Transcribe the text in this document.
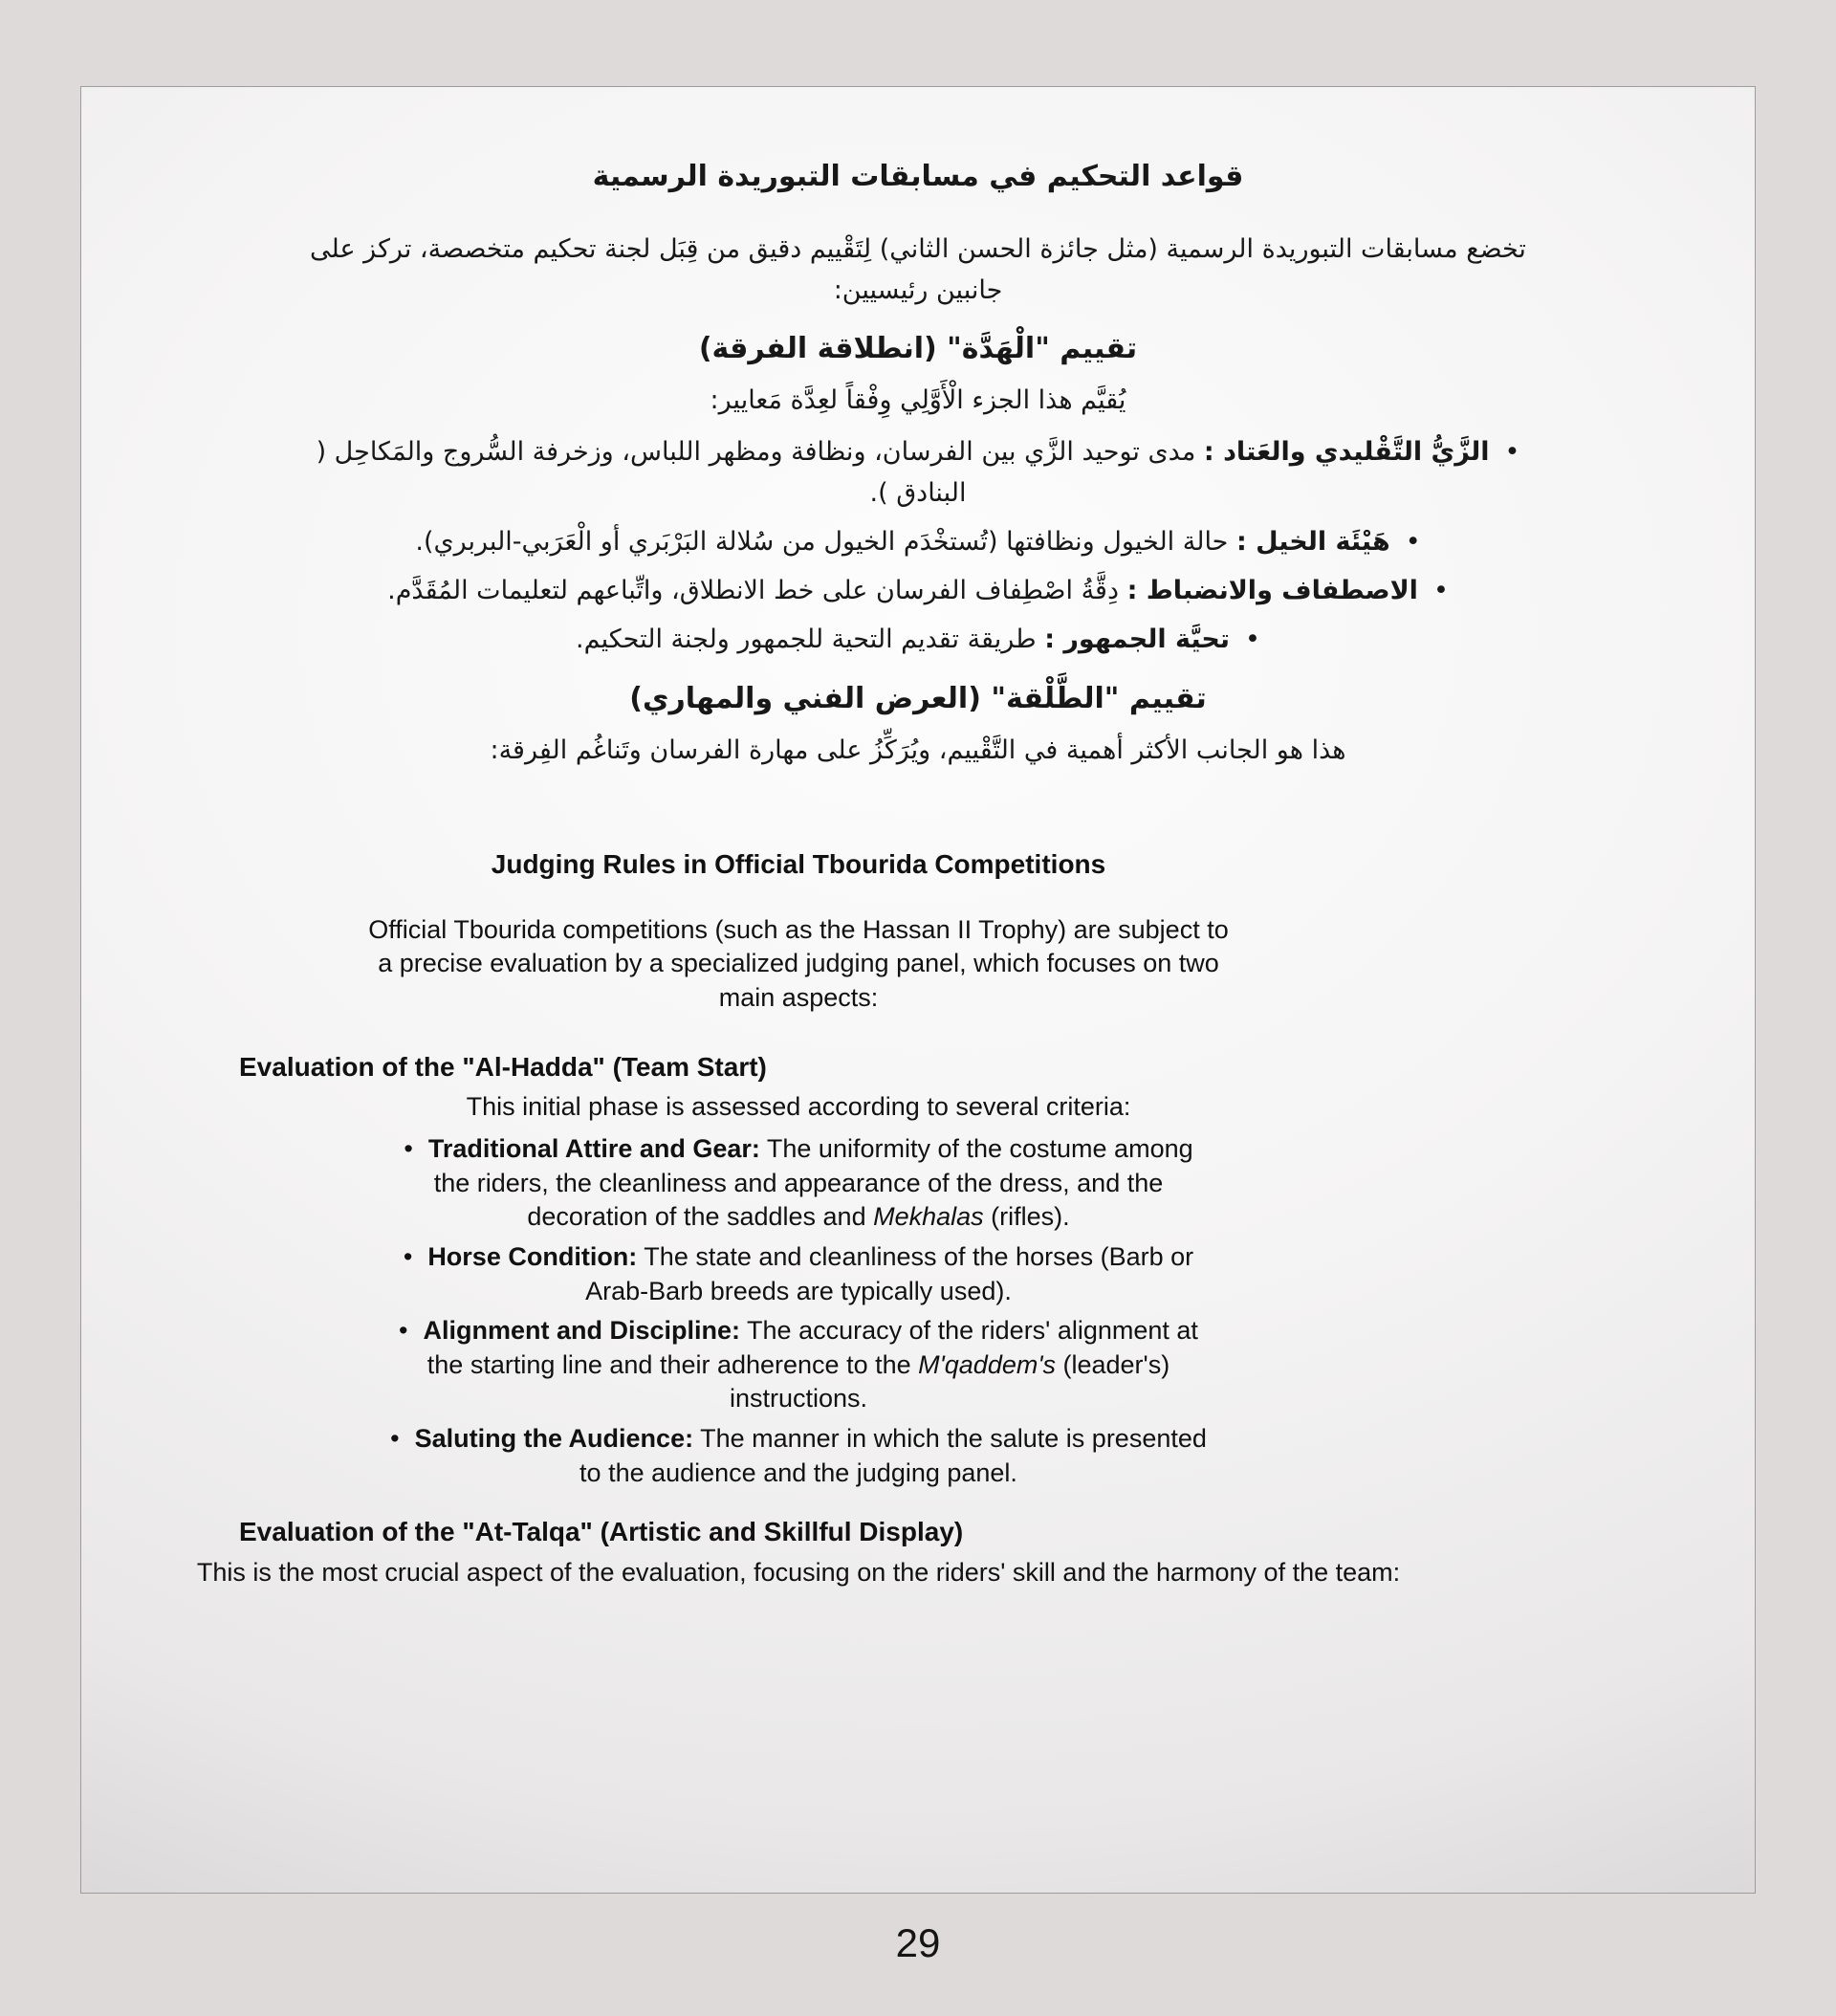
قواعد التحكيم في مسابقات التبوريدة الرسمية
تخضع مسابقات التبوريدة الرسمية (مثل جائزة الحسن الثاني) لِتَقْييم دقيق من قِبَل لجنة تحكيم متخصصة، تركز على جانبين رئيسيين:
تقييم "الْهَدَّة" (انطلاقة الفرقة)
يُقيَّم هذا الجزء الْأَوَّلِي وِفْقاً لعِدَّة مَعايير:
• الزَّيُّ التَّقْليدي والعَتاد : مدى توحيد الزَّي بين الفرسان، ونظافة ومظهر اللباس، وزخرفة السُّروج والمَكاحِل ( البنادق ).
• هَيْئَة الخيل : حالة الخيول ونظافتها (تُستخْدَم الخيول من سُلالة البَرْبَري أو الْعَرَبي-البربري).
• الاصطفاف والانضباط : دِقَّةُ اصْطِفاف الفرسان على خط الانطلاق، واتِّباعهم لتعليمات المُقَدَّم.
• تحيَّة الجمهور : طريقة تقديم التحية للجمهور ولجنة التحكيم.
تقييم "الطَّلْقة" (العرض الفني والمهاري)
هذا هو الجانب الأكثر أهمية في التَّقْييم، ويُرَكِّزُ على مهارة الفرسان وتَناغُم الفِرقة:
Judging Rules in Official Tbourida Competitions
Official Tbourida competitions (such as the Hassan II Trophy) are subject to a precise evaluation by a specialized judging panel, which focuses on two main aspects:
Evaluation of the "Al-Hadda" (Team Start)
This initial phase is assessed according to several criteria:
• Traditional Attire and Gear: The uniformity of the costume among the riders, the cleanliness and appearance of the dress, and the decoration of the saddles and Mekhalas (rifles).
• Horse Condition: The state and cleanliness of the horses (Barb or Arab-Barb breeds are typically used).
• Alignment and Discipline: The accuracy of the riders' alignment at the starting line and their adherence to the M'qaddem's (leader's) instructions.
• Saluting the Audience: The manner in which the salute is presented to the audience and the judging panel.
Evaluation of the "At-Talqa" (Artistic and Skillful Display)
This is the most crucial aspect of the evaluation, focusing on the riders' skill and the harmony of the team:
29
